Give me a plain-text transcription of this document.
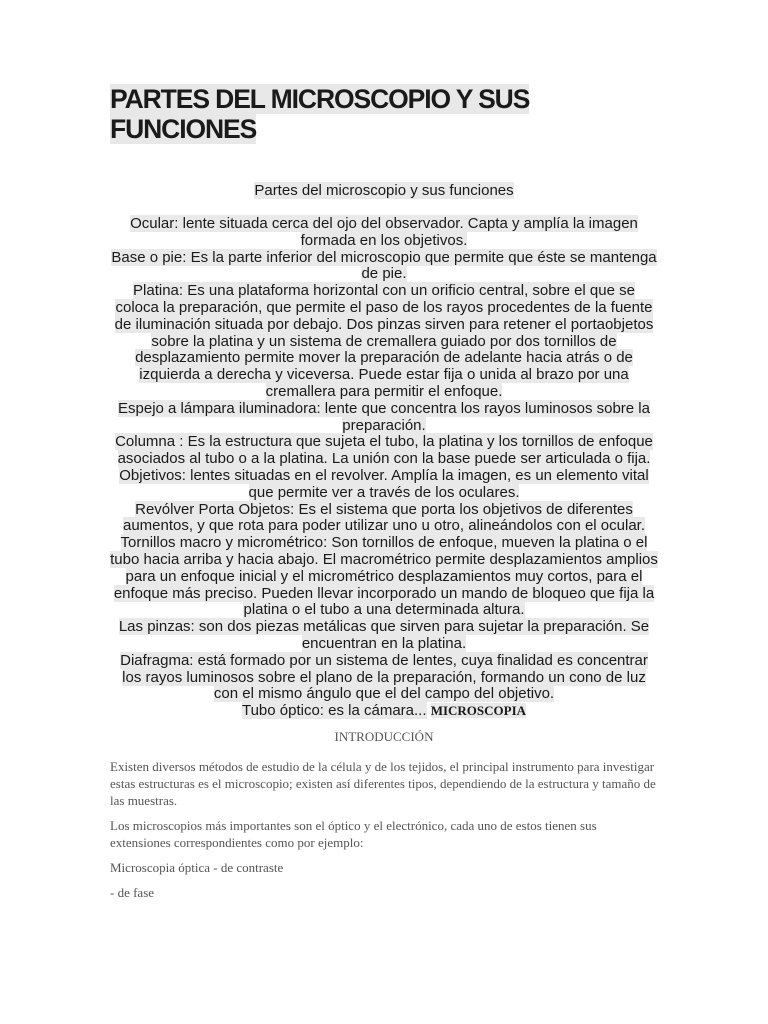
PARTES DEL MICROSCOPIO Y SUS FUNCIONES
Partes del microscopio y sus funciones

Ocular: lente situada cerca del ojo del observador. Capta y amplía la imagen formada en los objetivos.

Base o pie: Es la parte inferior del microscopio que permite que éste se mantenga de pie.

Platina: Es una plataforma horizontal con un orificio central, sobre el que se coloca la preparación, que permite el paso de los rayos procedentes de la fuente de iluminación situada por debajo. Dos pinzas sirven para retener el portaobjetos sobre la platina y un sistema de cremallera guiado por dos tornillos de desplazamiento permite mover la preparación de adelante hacia atrás o de izquierda a derecha y viceversa. Puede estar fija o unida al brazo por una cremallera para permitir el enfoque.

Espejo a lámpara iluminadora: lente que concentra los rayos luminosos sobre la preparación.

Columna : Es la estructura que sujeta el tubo, la platina y los tornillos de enfoque asociados al tubo o a la platina. La unión con la base puede ser articulada o fija.

Objetivos: lentes situadas en el revolver. Amplía la imagen, es un elemento vital que permite ver a través de los oculares.

Revólver Porta Objetos: Es el sistema que porta los objetivos de diferentes aumentos, y que rota para poder utilizar uno u otro, alineándolos con el ocular.

Tornillos macro y micrométrico: Son tornillos de enfoque, mueven la platina o el tubo hacia arriba y hacia abajo. El macrométrico permite desplazamientos amplios para un enfoque inicial y el micrométrico desplazamientos muy cortos, para el enfoque más preciso. Pueden llevar incorporado un mando de bloqueo que fija la platina o el tubo a una determinada altura.

Las pinzas: son dos piezas metálicas que sirven para sujetar la preparación. Se encuentran en la platina.

Diafragma: está formado por un sistema de lentes, cuya finalidad es concentrar los rayos luminosos sobre el plano de la preparación, formando un cono de luz con el mismo ángulo que el del campo del objetivo.

Tubo óptico: es la cámara... MICROSCOPIA

INTRODUCCIÓN

Existen diversos métodos de estudio de la célula y de los tejidos, el principal instrumento para investigar estas estructuras es el microscopio; existen así diferentes tipos, dependiendo de la estructura y tamaño de las muestras.

Los microscopios más importantes son el óptico y el electrónico, cada uno de estos tienen sus extensiones correspondientes como por ejemplo:

Microscopia óptica - de contraste

- de fase
